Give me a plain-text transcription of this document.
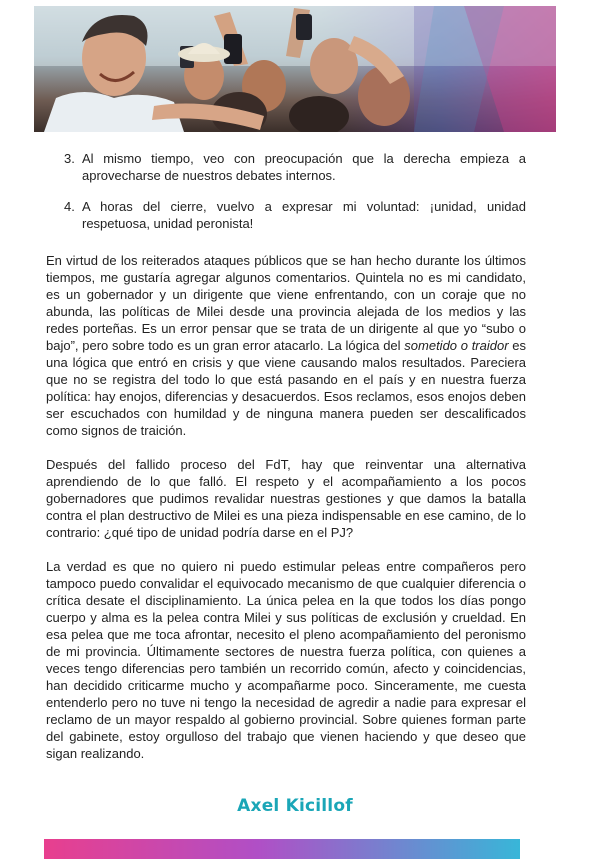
3. Al mismo tiempo, veo con preocupación que la derecha empieza a aprovecharse de nuestros debates internos.
4. A horas del cierre, vuelvo a expresar mi voluntad: ¡unidad, unidad respetuosa, unidad peronista!

En virtud de los reiterados ataques públicos que se han hecho durante los últimos tiempos, me gustaría agregar algunos comentarios. Quintela no es mi candidato, es un gobernador y un dirigente que viene enfrentando, con un coraje que no abunda, las políticas de Milei desde una provincia alejada de los medios y las redes porteñas. Es un error pensar que se trata de un dirigente al que yo “subo o bajo”, pero sobre todo es un gran error atacarlo. La lógica del sometido o traidor es una lógica que entró en crisis y que viene causando malos resultados. Pareciera que no se registra del todo lo que está pasando en el país y en nuestra fuerza política: hay enojos, diferencias y desacuerdos. Esos reclamos, esos enojos deben ser escuchados con humildad y de ninguna manera pueden ser descalificados como signos de traición.

Después del fallido proceso del FdT, hay que reinventar una alternativa aprendiendo de lo que falló. El respeto y el acompañamiento a los pocos gobernadores que pudimos revalidar nuestras gestiones y que damos la batalla contra el plan destructivo de Milei es una pieza indispensable en ese camino, de lo contrario: ¿qué tipo de unidad podría darse en el PJ?

La verdad es que no quiero ni puedo estimular peleas entre compañeros pero tampoco puedo convalidar el equivocado mecanismo de que cualquier diferencia o crítica desate el disciplinamiento. La única pelea en la que todos los días pongo cuerpo y alma es la pelea contra Milei y sus políticas de exclusión y crueldad. En esa pelea que me toca afrontar, necesito el pleno acompañamiento del peronismo de mi provincia. Últimamente sectores de nuestra fuerza política, con quienes a veces tengo diferencias pero también un recorrido común, afecto y coincidencias, han decidido criticarme mucho y acompañarme poco. Sinceramente, me cuesta entenderlo pero no tuve ni tengo la necesidad de agredir a nadie para expresar el reclamo de un mayor respaldo al gobierno provincial. Sobre quienes forman parte del gabinete, estoy orgulloso del trabajo que vienen haciendo y que deseo que sigan realizando.

Axel Kicillof
